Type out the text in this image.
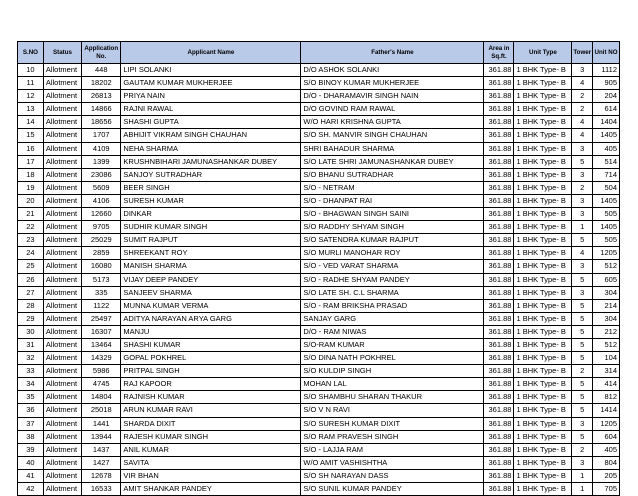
S.NO	Status	Application No.	Applicant Name	Father's Name	Area in Sq.ft.	Unit Type	Tower	Unit NO
10	Allotment	448	LIPI SOLANKI	D/O ASHOK SOLANKI	361.88	1 BHK Type- B	3	1112
11	Allotment	18202	GAUTAM KUMAR MUKHERJEE	S/O BINOY KUMAR MUKHERJEE	361.88	1 BHK Type- B	4	905
12	Allotment	26813	PRIYA NAIN	D/O - DHARAMAVIR SINGH NAIN	361.88	1 BHK Type- B	2	204
13	Allotment	14866	RAJNI RAWAL	D/O GOVIND RAM RAWAL	361.88	1 BHK Type- B	2	614
14	Allotment	18656	SHASHI GUPTA	W/O HARI KRISHNA GUPTA	361.88	1 BHK Type- B	4	1404
15	Allotment	1707	ABHIJIT VIKRAM SINGH CHAUHAN	S/O SH. MANVIR SINGH CHAUHAN	361.88	1 BHK Type- B	4	1405
16	Allotment	4109	NEHA SHARMA	SHRI BAHADUR SHARMA	361.88	1 BHK Type- B	3	405
17	Allotment	1399	KRUSHNBIHARI JAMUNASHANKAR DUBEY	S/O LATE SHRI JAMUNASHANKAR DUBEY	361.88	1 BHK Type- B	5	514
18	Allotment	23086	SANJOY SUTRADHAR	S/O BHANU SUTRADHAR	361.88	1 BHK Type- B	3	714
19	Allotment	5609	BEER SINGH	S/O - NETRAM	361.88	1 BHK Type- B	2	504
20	Allotment	4106	SURESH KUMAR	S/O - DHANPAT RAI	361.88	1 BHK Type- B	3	1405
21	Allotment	12660	DINKAR	S/O - BHAGWAN SINGH SAINI	361.88	1 BHK Type- B	3	505
22	Allotment	9705	SUDHIR KUMAR SINGH	S/O RADDHY SHYAM SINGH	361.88	1 BHK Type- B	1	1405
23	Allotment	25029	SUMIT RAJPUT	S/O SATENDRA KUMAR RAJPUT	361.88	1 BHK Type- B	5	505
24	Allotment	2859	SHREEKANT ROY	S/O MURLI MANOHAR ROY	361.88	1 BHK Type- B	4	1205
25	Allotment	16080	MANISH SHARMA	S/O - VED VARAT SHARMA	361.88	1 BHK Type- B	3	512
26	Allotment	5173	VIJAY DEEP PANDEY	S/O - RADHE SHYAM PANDEY	361.88	1 BHK Type- B	5	605
27	Allotment	335	SANJEEV SHARMA	S/O LATE SH. C.L SHARMA	361.88	1 BHK Type- B	3	304
28	Allotment	1122	MUNNA KUMAR VERMA	S/O - RAM BRIKSHA PRASAD	361.88	1 BHK Type- B	5	214
29	Allotment	25497	ADITYA NARAYAN ARYA GARG	SANJAY GARG	361.88	1 BHK Type- B	5	304
30	Allotment	16307	MANJU	D/O - RAM NIWAS	361.88	1 BHK Type- B	5	212
31	Allotment	13464	SHASHI KUMAR	S/O-RAM KUMAR	361.88	1 BHK Type- B	5	512
32	Allotment	14329	GOPAL POKHREL	S/O DINA NATH POKHREL	361.88	1 BHK Type- B	5	104
33	Allotment	5986	PRITPAL SINGH	S/O KULDIP SINGH	361.88	1 BHK Type- B	2	314
34	Allotment	4745	RAJ KAPOOR	MOHAN LAL	361.88	1 BHK Type- B	5	414
35	Allotment	14804	RAJNISH KUMAR	S/O SHAMBHU SHARAN THAKUR	361.88	1 BHK Type- B	5	812
36	Allotment	25018	ARUN KUMAR RAVI	S/O V N RAVI	361.88	1 BHK Type- B	5	1414
37	Allotment	1441	SHARDA DIXIT	S/O SURESH KUMAR DIXIT	361.88	1 BHK Type- B	3	1205
38	Allotment	13944	RAJESH KUMAR SINGH	S/O RAM PRAVESH SINGH	361.88	1 BHK Type- B	5	604
39	Allotment	1437	ANIL KUMAR	S/O - LAJJA RAM	361.88	1 BHK Type- B	2	405
40	Allotment	1427	SAVITA	W/O AMIT VASHISHTHA	361.88	1 BHK Type- B	3	804
41	Allotment	12678	VIR BHAN	S/O SH NARAYAN DASS	361.88	1 BHK Type- B	1	205
42	Allotment	16533	AMIT SHANKAR PANDEY	S/O SUNIL KUMAR PANDEY	361.88	1 BHK Type- B	1	705
